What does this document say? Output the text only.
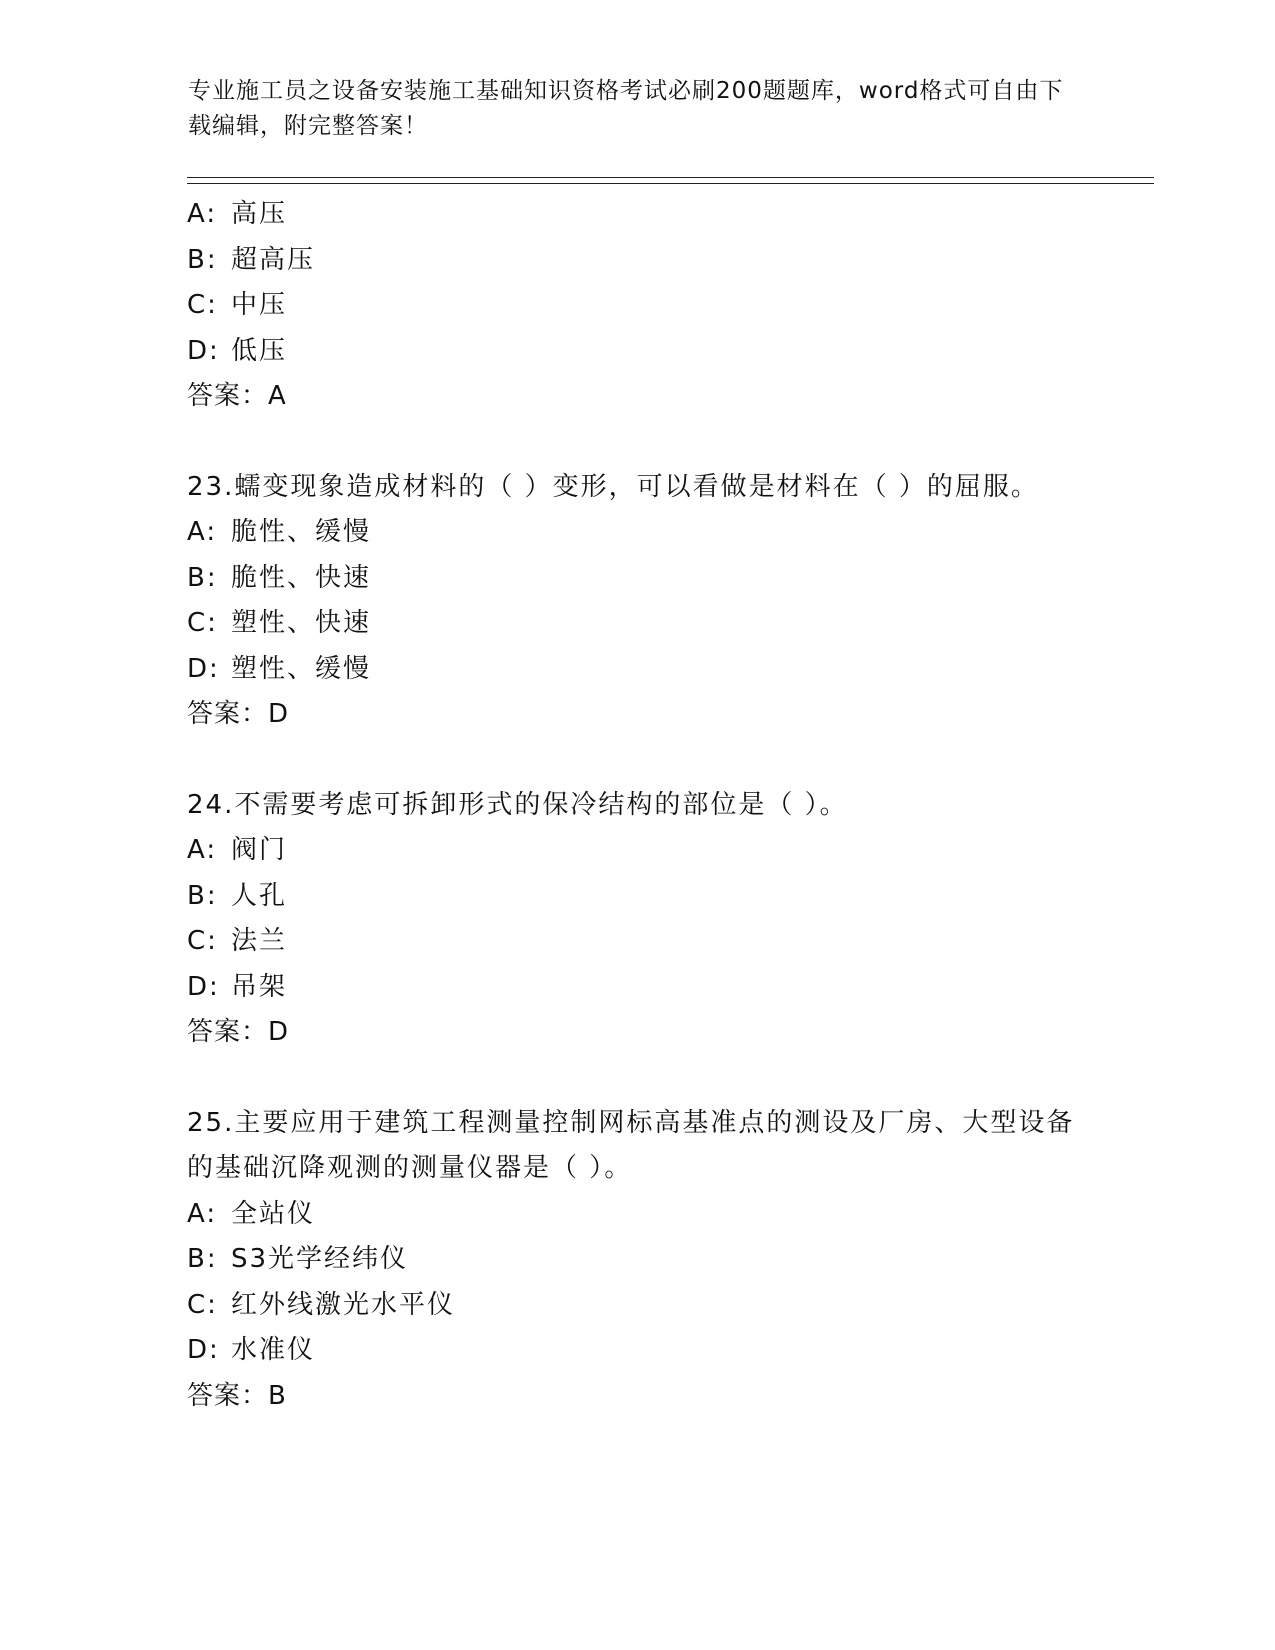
专业施工员之设备安装施工基础知识资格考试必刷200题题库，word格式可自由下载编辑，附完整答案！
A: 高压
B: 超高压
C: 中压
D: 低压
答案：A
23.蠕变现象造成材料的（ ）变形，可以看做是材料在（ ）的屈服。
A: 脆性、缓慢
B: 脆性、快速
C: 塑性、快速
D: 塑性、缓慢
答案：D
24.不需要考虑可拆卸形式的保冷结构的部位是（ ）。
A: 阀门
B: 人孔
C: 法兰
D: 吊架
答案：D
25.主要应用于建筑工程测量控制网标高基准点的测设及厂房、大型设备的基础沉降观测的测量仪器是（ ）。
A: 全站仪
B: S3光学经纬仪
C: 红外线激光水平仪
D: 水准仪
答案：B
